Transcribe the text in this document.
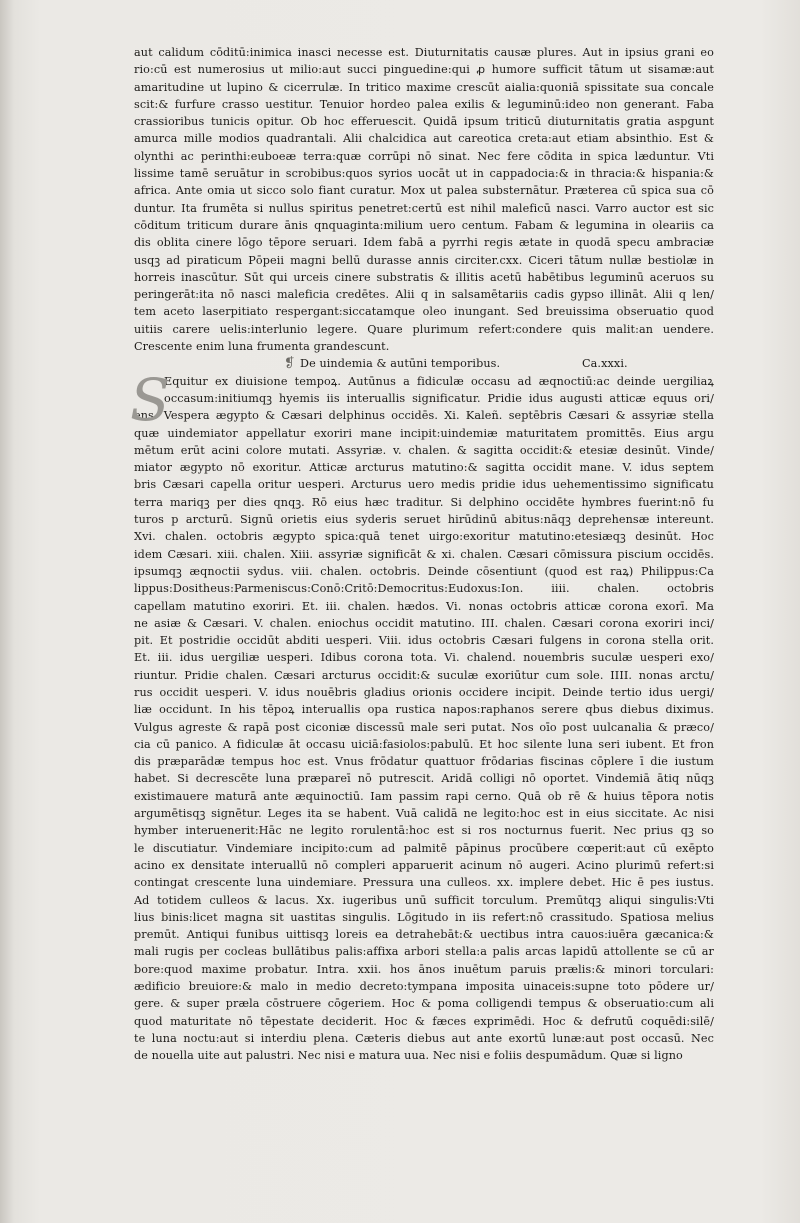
aut calidum cōditū:inimica inasci necesse est. Diuturnitatis causæ plures. Aut in ipsius grani eo
rio:cū est numerosius ut milio:aut succi pinguedine:qui ꝓ humore sufficit tātum ut sisamæ:aut
amaritudine ut lupino & cicerrulæ. In tritico maxime crescūt aialia:quoniā spissitate sua concale
scit:& furfure crasso uestitur. Tenuior hordeo palea exilis & leguminū:ideo non generant. Faba
crassioribus tunicis opitur. Ob hoc efferuescit. Quidā ipsum triticū diuturnitatis gratia aspgunt
amurca mille modios quadrantali. Alii chalcidica aut careotica creta:aut etiam absinthio. Est &
olynthi ac perinthi:euboeæ terra:quæ corrūpi nō sinat. Nec fere cōdita in spica læduntur. Vti
lissime tamē seruātur in scrobibus:quos syrios uocāt ut in cappadocia:& in thracia:& hispania:&
africa. Ante omia ut sicco solo fiant curatur. Mox ut palea substernātur. Præterea cū spica sua cō
duntur. Ita frumēta si nullus spiritus penetret:certū est nihil maleficū nasci. Varro auctor est sic
cōditum triticum durare ānis qnquaginta:milium uero centum. Fabam & legumina in oleariis ca
dis oblita cinere lōgo tēpore seruari. Idem fabā a pyrrhi regis ætate in quodā specu ambraciæ
usqꝫ ad piraticum Pōpeii magni bellū durasse annis circiter.cxx. Ciceri tātum nullæ bestiolæ in
horreis inascūtur. Sūt qui urceis cinere substratis & illitis acetū habētibus leguminū aceruos su
peringerāt:ita nō nasci maleficia credētes. Alii q in salsamētariis cadis gypso illināt. Alii q len/
tem aceto laserpitiato respergant:siccatamque oleo inungant. Sed breuissima obseruatio quod
uitiis carere uelis:interlunio legere. Quare plurimum refert:condere quis malit:an uendere.
Crescente enim luna frumenta grandescunt.
❡ De uindemia & autūni temporibus.	Ca.xxxi.
S
Equitur ex diuisione tempoꝝ. Autūnus a fidiculæ occasu ad æqnoctiū:ac deinde uergiliaꝝ
occasum:initiumqꝫ hyemis iis interuallis significatur. Pridie idus augusti atticæ equus ori/
ens. Vespera ægypto & Cæsari delphinus occidēs. Xi. Kaleñ. septēbris Cæsari & assyriæ stella
quæ uindemiator appellatur exoriri mane incipit:uindemiæ maturitatem promittēs. Eius argu
mētum erūt acini colore mutati. Assyriæ. v. chalen. & sagitta occidit:& etesiæ desinūt. Vinde/
miator ægypto nō exoritur. Atticæ arcturus matutino:& sagitta occidit mane. V. idus septem
bris Cæsari capella oritur uesperi. Arcturus uero medis pridie idus uehementissimo significatu
terra mariqꝫ per dies qnqꝫ. Rō eius hæc traditur. Si delphino occidēte hymbres fuerint:nō fu
turos p arcturū. Signū orietis eius syderis seruet hirūdinū abitus:nāqꝫ deprehensæ intereunt.
Xvi. chalen. octobris ægypto spica:quā tenet uirgo:exoritur matutino:etesiæqꝫ desinūt. Hoc
idem Cæsari. xiii. chalen. Xiii. assyriæ significāt & xi. chalen. Cæsari cōmissura piscium occidēs.
ipsumqꝫ æqnoctii sydus. viii. chalen. octobris. Deinde cōsentiunt (quod est raꝝ) Philippus:Ca
lippus:Dositheus:Parmeniscus:Conō:Critō:Democritus:Eudoxus:Ion. iiii. chalen. octobris
capellam matutino exoriri. Et. iii. chalen. hædos. Vi. nonas octobris atticæ corona exorī. Ma
ne asiæ & Cæsari. V. chalen. eniochus occidit matutino. III. chalen. Cæsari corona exoriri inci/
pit. Et postridie occidūt abditi uesperi. Viii. idus octobris Cæsari fulgens in corona stella orit.
Et. iii. idus uergiliæ uesperi. Idibus corona tota. Vi. chalend. nouembris suculæ uesperi exo/
riuntur. Pridie chalen. Cæsari arcturus occidit:& suculæ exoriūtur cum sole. IIII. nonas arctu/
rus occidit uesperi. V. idus nouēbris gladius orionis occidere incipit. Deinde tertio idus uergi/
liæ occidunt. In his tēpoꝝ interuallis opa rustica napos:raphanos serere qbus diebus diximus.
Vulgus agreste & rapā post ciconiæ discessū male seri putat. Nos oīo post uulcanalia & præco/
cia cū panico. A fidiculæ āt occasu uiciā:fasiolos:pabulū. Et hoc silente luna seri iubent. Et fron
dis præparādæ tempus hoc est. Vnus frōdatur quattuor frōdarias fiscinas cōplere ī die iustum
habet. Si decrescēte luna præpareī nō putrescit. Aridā colligi nō oportet. Vindemiā ātiq nūqꝫ
existimauere maturā ante æquinoctiū. Iam passim rapi cerno. Quā ob rē & huius tēpora notis
argumētisqꝫ signētur. Leges ita se habent. Vuā calidā ne legito:hoc est in eius siccitate. Ac nisi
hymber interuenerit:Hāc ne legito rorulentā:hoc est si ros nocturnus fuerit. Nec prius qꝫ so
le discutiatur. Vindemiare incipito:cum ad palmitē pāpinus procūbere cœperit:aut cū exēpto
acino ex densitate interuallū nō compleri apparuerit acinum nō augeri. Acino plurimū refert:si
contingat crescente luna uindemiare. Pressura una culleos. xx. implere debet. Hic ē pes iustus.
Ad totidem culleos & lacus. Xx. iugeribus unū sufficit torculum. Premūtqꝫ aliqui singulis:Vti
lius binis:licet magna sit uastitas singulis. Lōgitudo in iis refert:nō crassitudo. Spatiosa melius
premūt. Antiqui funibus uittisqꝫ loreis ea detrahebāt:& uectibus intra cauos:iuēra gæcanica:&
mali rugis per cocleas bullātibus palis:affixa arbori stella:a palis arcas lapidū attollente se cū ar
bore:quod maxime probatur. Intra. xxii. hos ānos inuētum paruis prælis:& minori torculari:
ædificio breuiore:& malo in medio decreto:tympana imposita uinaceis:supne toto pōdere ur/
gere. & super præla cōstruere cōgeriem. Hoc & poma colligendi tempus & obseruatio:cum ali
quod maturitate nō tēpestate deciderit. Hoc & fæces exprimēdi. Hoc & defrutū coquēdi:silē/
te luna noctu:aut si interdiu plena. Cæteris diebus aut ante exortū lunæ:aut post occasū. Nec
de nouella uite aut palustri. Nec nisi e matura uua. Nec nisi e foliis despumādum. Quæ si ligno
